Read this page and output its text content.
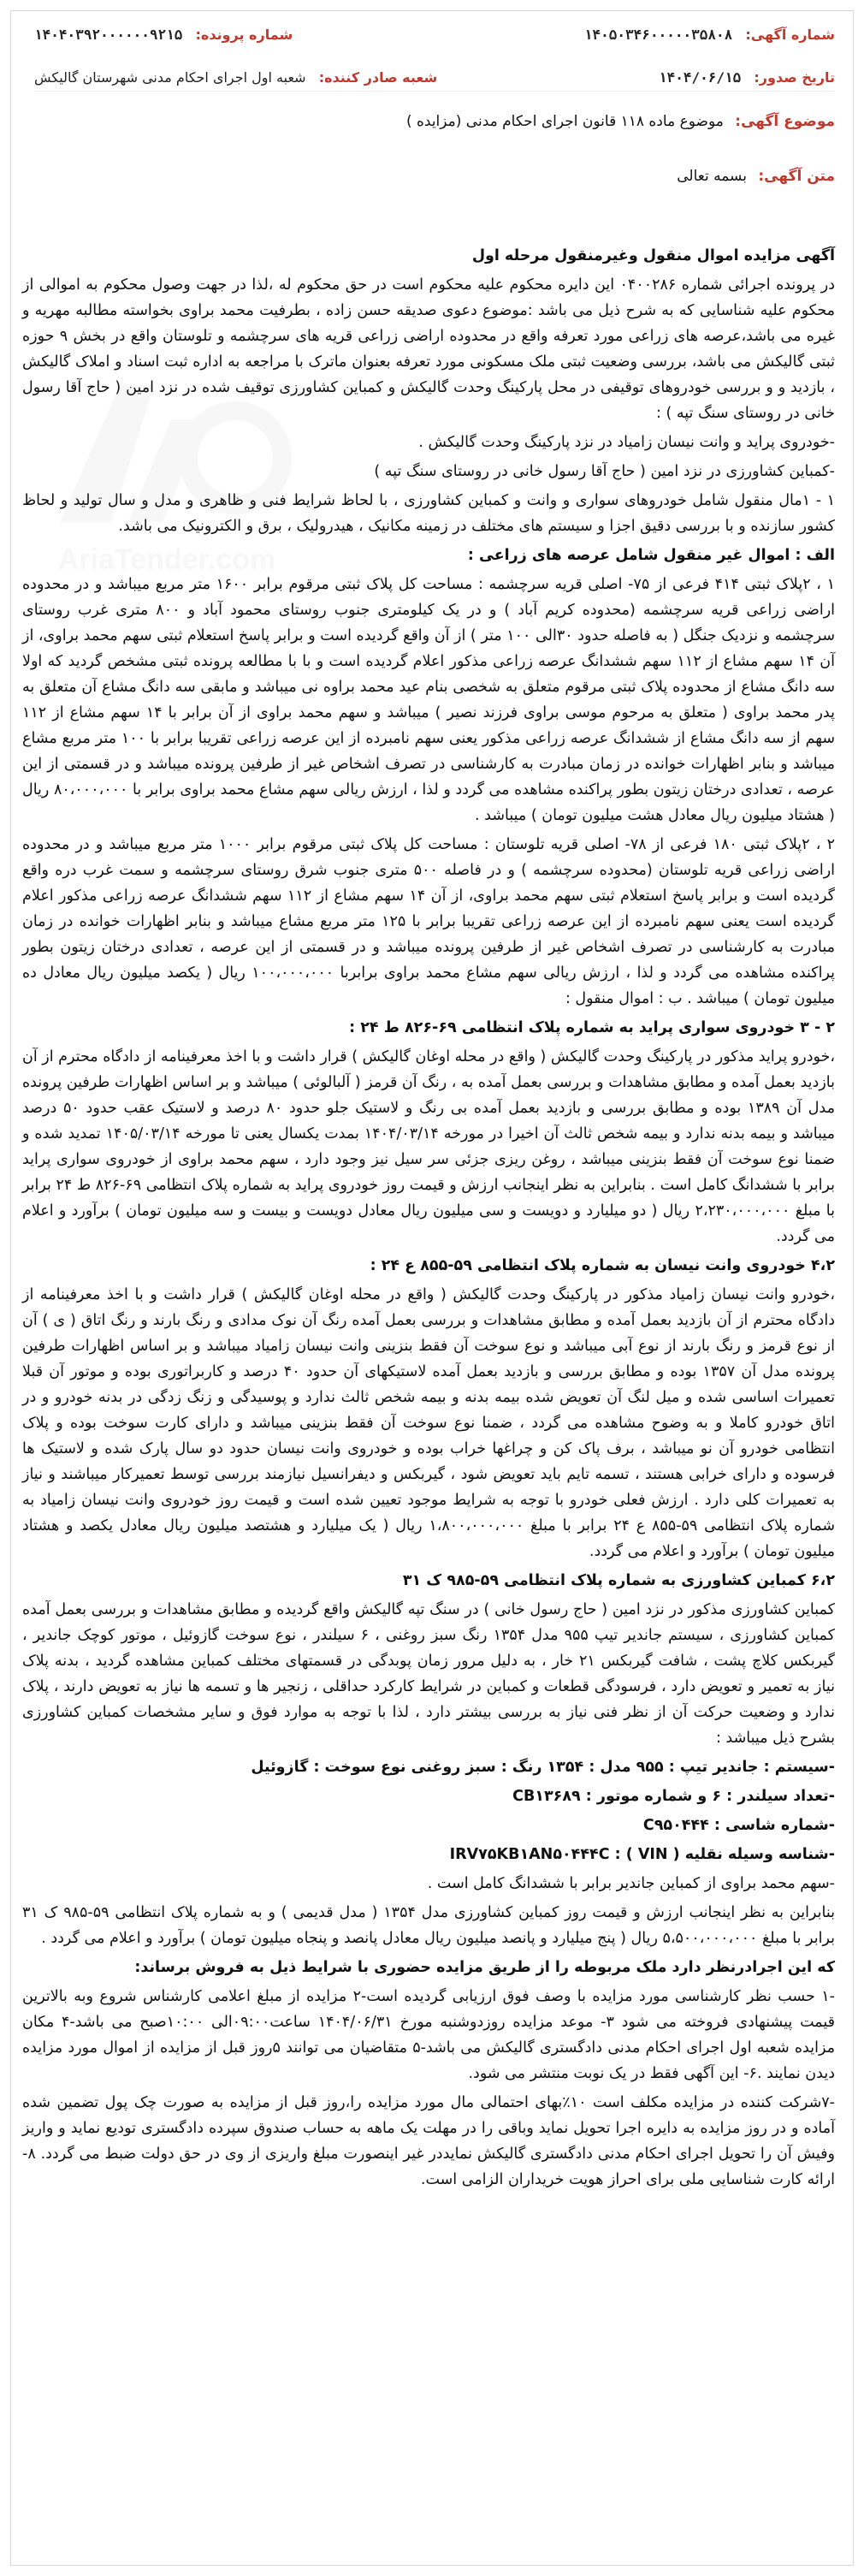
AriaTender.com
شماره آگهی: ۱۴۰۵۰۳۴۶۰۰۰۰۰۳۵۸۰۸
شماره پرونده: ۱۴۰۴۰۳۹۲۰۰۰۰۰۰۹۲۱۵
تاریخ صدور: ۱۴۰۴/۰۶/۱۵
شعبه صادر کننده: شعبه اول اجرای احکام مدنی شهرستان گالیکش
موضوع آگهی: موضوع ماده ۱۱۸ قانون اجرای احکام مدنی (مزایده )
متن آگهی: بسمه تعالی

آگهی مزایده اموال منقول وغیرمنقول مرحله اول

در پرونده اجرائی شماره ۰۴۰۰۲۸۶ این دایره محکوم علیه محکوم است در حق محکوم له ،لذا در جهت وصول محکوم به اموالی از محکوم علیه شناسایی که به شرح ذیل می باشد :موضوع دعوی صدیقه حسن زاده ، بطرفیت محمد براوی بخواسته مطالبه مهریه و غیره می باشد،عرصه های زراعی مورد تعرفه واقع در محدوده اراضی زراعی قریه های سرچشمه و تلوستان واقع در بخش ۹ حوزه ثبتی گالیکش می باشد، بررسی وضعیت ثبتی ملک مسکونی مورد تعرفه بعنوان ماترک با مراجعه به اداره ثبت اسناد و املاک گالیکش ، بازدید و و بررسی خودروهای توقیفی در محل پارکینگ وحدت گالیکش و کمباین کشاورزی توقیف شده در نزد امین ( حاج آقا رسول خانی در روستای سنگ تپه ) :

-خودروی پراید و وانت نیسان زامیاد در نزد پارکینگ وحدت گالیکش .

-کمباین کشاورزی در نزد امین ( حاج آقا رسول خانی در روستای سنگ تپه )

۱ - ۱مال منقول شامل خودروهای سواری و وانت و کمباین کشاورزی ، با لحاظ شرایط فنی و ظاهری و مدل و سال تولید و لحاظ کشور سازنده و با بررسی دقیق اجزا و سیستم های مختلف در زمینه مکانیک ، هیدرولیک ، برق و الکترونیک می باشد.

الف : اموال غیر منقول شامل عرصه های زراعی :

۱ ، ۲پلاک ثبتی ۴۱۴ فرعی از ۷۵- اصلی قریه سرچشمه : مساحت کل پلاک ثبتی مرقوم برابر ۱۶۰۰ متر مربع میباشد و در محدوده اراضی زراعی قریه سرچشمه (محدوده کریم آباد ) و در یک کیلومتری جنوب روستای محمود آباد و ۸۰۰ متری غرب روستای سرچشمه و نزدیک جنگل ( به فاصله حدود ۳۰الی ۱۰۰ متر ) از آن واقع گردیده است و برابر پاسخ استعلام ثبتی سهم محمد براوی، از آن ۱۴ سهم مشاع از ۱۱۲ سهم ششدانگ عرصه زراعی مذکور اعلام گردیده است و با با مطالعه پرونده ثبتی مشخص گردید که اولا سه دانگ مشاع از محدوده پلاک ثبتی مرقوم متعلق به شخصی بنام عید محمد براوه نی میباشد و مابقی سه دانگ مشاع آن متعلق به پدر محمد براوی ( متعلق به مرحوم موسی براوی فرزند نصیر ) میباشد و سهم محمد براوی از آن برابر با ۱۴ سهم مشاع از ۱۱۲ سهم از سه دانگ مشاع از ششدانگ عرصه زراعی مذکور یعنی سهم نامبرده از این عرصه زراعی تقریبا برابر با ۱۰۰ متر مربع مشاع میباشد و بنابر اظهارات خوانده در زمان مبادرت به کارشناسی در تصرف اشخاص غیر از طرفین پرونده میباشد و در قسمتی از این عرصه ، تعدادی درختان زیتون بطور پراکنده مشاهده می گردد و لذا ، ارزش ریالی سهم مشاع محمد براوی برابر با ۸۰،۰۰۰،۰۰۰ ریال ( هشتاد میلیون ریال معادل هشت میلیون تومان ) میباشد .

۲ ، ۲پلاک ثبتی ۱۸۰ فرعی از ۷۸- اصلی قریه تلوستان : مساحت کل پلاک ثبتی مرقوم برابر ۱۰۰۰ متر مربع میباشد و در محدوده اراضی زراعی قریه تلوستان (محدوده سرچشمه ) و در فاصله ۵۰۰ متری جنوب شرق روستای سرچشمه و سمت غرب دره واقع گردیده است و برابر پاسخ استعلام ثبتی سهم محمد براوی، از آن ۱۴ سهم مشاع از ۱۱۲ سهم ششدانگ عرصه زراعی مذکور اعلام گردیده است یعنی سهم نامبرده از این عرصه زراعی تقریبا برابر با ۱۲۵ متر مربع مشاع میباشد و بنابر اظهارات خوانده در زمان مبادرت به کارشناسی در تصرف اشخاص غیر از طرفین پرونده میباشد و در قسمتی از این عرصه ، تعدادی درختان زیتون بطور پراکنده مشاهده می گردد و لذا ، ارزش ریالی سهم مشاع محمد براوی برابربا ۱۰۰،۰۰۰،۰۰۰ ریال ( یکصد میلیون ریال معادل ده میلیون تومان ) میباشد . ب : اموال منقول :

۲ - ۳ خودروی سواری پراید به شماره پلاک انتظامی ۶۹-۸۲۶ ط ۲۴ :

،خودرو پراید مذکور در پارکینگ وحدت گالیکش ( واقع در محله اوغان گالیکش ) قرار داشت و با اخذ معرفینامه از دادگاه محترم از آن بازدید بعمل آمده و مطابق مشاهدات و بررسی بعمل آمده به ، رنگ آن قرمز ( آلبالوئی ) میباشد و بر اساس اظهارات طرفین پرونده مدل آن ۱۳۸۹ بوده و مطابق بررسی و بازدید بعمل آمده بی رنگ و لاستیک جلو حدود ۸۰ درصد و لاستیک عقب حدود ۵۰ درصد میباشد و بیمه بدنه ندارد و بیمه شخص ثالث آن اخیرا در مورخه ۱۴۰۴/۰۳/۱۴ بمدت یکسال یعنی تا مورخه ۱۴۰۵/۰۳/۱۴ تمدید شده و ضمنا نوع سوخت آن فقط بنزینی میباشد ، روغن ریزی جزئی سر سیل نیز وجود دارد ، سهم محمد براوی از خودروی سواری پراید برابر با ششدانگ کامل است . بنابراین به نظر اینجانب ارزش و قیمت روز خودروی پراید به شماره پلاک انتظامی ۶۹-۸۲۶ ط ۲۴ برابر با مبلغ ۲،۲۳۰،۰۰۰،۰۰۰ ریال ( دو میلیارد و دویست و سی میلیون ریال معادل دویست و بیست و سه میلیون تومان ) برآورد و اعلام می گردد.

۴،۲ خودروی وانت نیسان به شماره پلاک انتظامی ۵۹-۸۵۵ ع ۲۴ :

،خودرو وانت نیسان زامیاد مذکور در پارکینگ وحدت گالیکش ( واقع در محله اوغان گالیکش ) قرار داشت و با اخذ معرفینامه از دادگاه محترم از آن بازدید بعمل آمده و مطابق مشاهدات و بررسی بعمل آمده رنگ آن نوک مدادی و رنگ بارند و رنگ اتاق ( ی ) آن از نوع قرمز و رنگ بارند از نوع آبی میباشد و نوع سوخت آن فقط بنزینی وانت نیسان زامیاد میباشد و بر اساس اظهارات طرفین پرونده مدل آن ۱۳۵۷ بوده و مطابق بررسی و بازدید بعمل آمده لاستیکهای آن حدود ۴۰ درصد و کاربراتوری بوده و موتور آن قبلا تعمیرات اساسی شده و میل لنگ آن تعویض شده بیمه بدنه و بیمه شخص ثالث ندارد و پوسیدگی و زنگ زدگی در بدنه خودرو و در اتاق خودرو کاملا و به وضوح مشاهده می گردد ، ضمنا نوع سوخت آن فقط بنزینی میباشد و دارای کارت سوخت بوده و پلاک انتظامی خودرو آن نو میباشد ، برف پاک کن و چراغها خراب بوده و خودروی وانت نیسان حدود دو سال پارک شده و لاستیک ها فرسوده و دارای خرابی هستند ، تسمه تایم باید تعویض شود ، گیربکس و دیفرانسیل نیازمند بررسی توسط تعمیرکار میباشند و نیاز به تعمیرات کلی دارد . ارزش فعلی خودرو با توجه به شرایط موجود تعیین شده است و قیمت روز خودروی وانت نیسان زامیاد به شماره پلاک انتظامی ۵۹-۸۵۵ ع ۲۴ برابر با مبلغ ۱،۸۰۰،۰۰۰،۰۰۰ ریال ( یک میلیارد و هشتصد میلیون ریال معادل یکصد و هشتاد میلیون تومان ) برآورد و اعلام می گردد.

۶،۲ کمباین کشاورزی به شماره پلاک انتظامی ۵۹-۹۸۵ ک ۳۱

کمباین کشاورزی مذکور در نزد امین ( حاج رسول خانی ) در سنگ تپه گالیکش واقع گردیده و مطابق مشاهدات و بررسی بعمل آمده کمباین کشاورزی ، سیستم جاندیر تیپ ۹۵۵ مدل ۱۳۵۴ رنگ سبز روغنی ، ۶ سیلندر ، نوع سوخت گازوئیل ، موتور کوچک جاندیر ، گیربکس کلاچ پشت ، شافت گیربکس ۲۱ خار ، به دلیل مرور زمان پوبدگی در قسمتهای مختلف کمباین مشاهده گردید ، بدنه پلاک نیاز به تعمیر و تعویض دارد ، فرسودگی قطعات و کمباین در شرایط کارکرد حداقلی ، زنجیر ها و تسمه ها نیاز به تعویض دارند ، پلاک ندارد و وضعیت حرکت آن از نظر فنی نیاز به بررسی بیشتر دارد ، لذا با توجه به موارد فوق و سایر مشخصات کمباین کشاورزی بشرح ذیل میباشد :

-سیستم : جاندیر تیپ : ۹۵۵ مدل : ۱۳۵۴ رنگ : سبز روغنی نوع سوخت : گازوئیل

-تعداد سیلندر : ۶ و شماره موتور : CB۱۳۶۸۹

-شماره شاسی : C۹۵۰۴۴۴

-شناسه وسیله نقلیه ( VIN ) : IRV۷۵KB۱AN۵۰۴۴۴C

-سهم محمد براوی از کمباین جاندیر برابر با ششدانگ کامل است .

بنابراین به نظر اینجانب ارزش و قیمت روز کمباین کشاورزی مدل ۱۳۵۴ ( مدل قدیمی ) و به شماره پلاک انتظامی ۵۹-۹۸۵ ک ۳۱ برابر با مبلغ ۵،۵۰۰،۰۰۰،۰۰۰ ریال ( پنج میلیارد و پانصد میلیون ریال معادل پانصد و پنجاه میلیون تومان ) برآورد و اعلام می گردد .

که این اجرادرنظر دارد ملک مربوطه را از طریق مزایده حضوری با شرایط ذیل به فروش برساند:

-۱ حسب نظر کارشناسی مورد مزایده با وصف فوق ارزیابی گردیده است-۲ مزایده از مبلغ اعلامی کارشناس شروع وبه بالاترین قیمت پیشنهادی فروخته می شود ۳- موعد مزایده روزدوشنبه مورخ ۱۴۰۴/۰۶/۳۱ ساعت۰۹:۰۰الی ۱۰:۰۰صبح می باشد-۴ مکان مزایده شعبه اول اجرای احکام مدنی دادگستری گالیکش می باشد-۵ متقاضیان می توانند ۵روز قبل از مزایده از اموال مورد مزایده دیدن نمایند .۶- این آگهی فقط در یک نوبت منتشر می شود.

-۷شرکت کننده در مزایده مکلف است ۱۰٪بهای احتمالی مال مورد مزایده را،روز قبل از مزایده به صورت چک پول تضمین شده آماده و در روز مزایده به دایره اجرا تحویل نماید وباقی را در مهلت یک ماهه به حساب صندوق سپرده دادگستری تودیع نماید و واریز وفیش آن را تحویل اجرای احکام مدنی دادگستری گالیکش نمایددر غیر اینصورت مبلغ واریزی از وی در حق دولت ضبط می گردد. ۸-ارائه کارت شناسایی ملی برای احراز هویت خریداران الزامی است.
